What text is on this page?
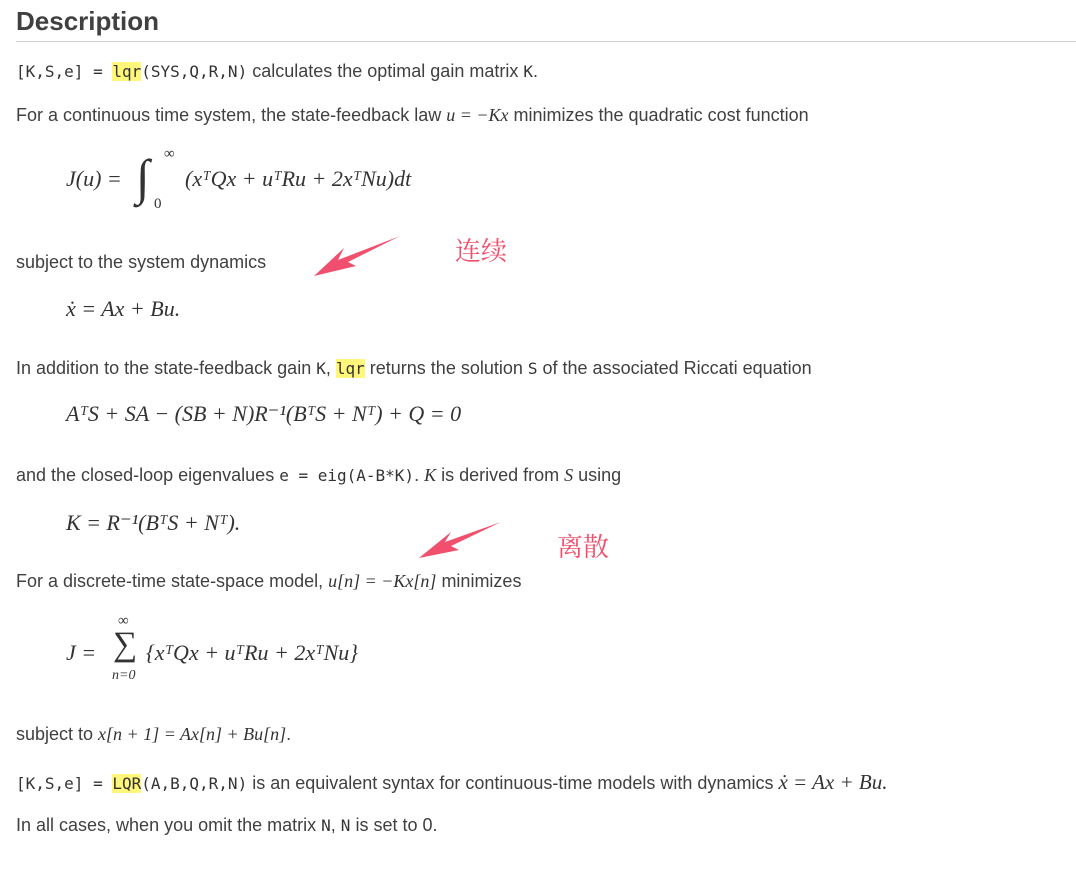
Description
[K,S,e] = lqr(SYS,Q,R,N) calculates the optimal gain matrix K.
For a continuous time system, the state-feedback law u = −Kx minimizes the quadratic cost function
J(u) = ∫ ∞
0
(xᵀQx + uᵀRu + 2xᵀNu)dt
连续
subject to the system dynamics
ẋ = Ax + Bu.
In addition to the state-feedback gain K, lqr returns the solution S of the associated Riccati equation
AᵀS + SA − (SB + N)R⁻¹(BᵀS + Nᵀ) + Q = 0
and the closed-loop eigenvalues e = eig(A-B*K). K is derived from S using
K = R⁻¹(BᵀS + Nᵀ).
离散
For a discrete-time state-space model, u[n] = −Kx[n] minimizes
J =
∞
∑
n=0
{xᵀQx + uᵀRu + 2xᵀNu}
subject to x[n + 1] = Ax[n] + Bu[n].
[K,S,e] = LQR(A,B,Q,R,N) is an equivalent syntax for continuous-time models with dynamics ẋ = Ax + Bu.
In all cases, when you omit the matrix N, N is set to 0.
